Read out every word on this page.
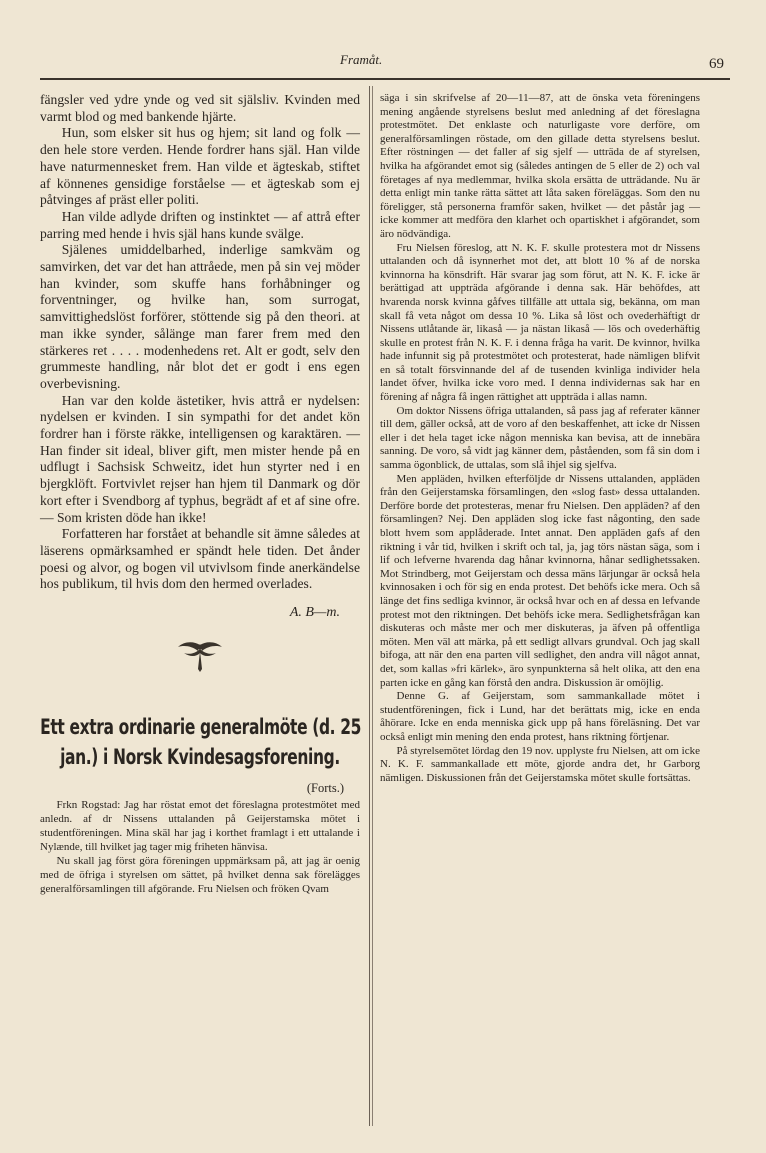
Framåt.	69

fängsler ved ydre ynde og ved sit själsliv. Kvinden med varmt blod og med bankende hjärte.

Hun, som elsker sit hus og hjem; sit land og folk — den hele store verden. Hende fordrer hans själ. Han vilde have naturmennesket frem. Han vilde et ägteskab, stiftet af könnenes gensidige forståelse — et ägteskab som ej påtvinges af präst eller politi.

Han vilde adlyde driften og instinktet — af attrå efter parring med hende i hvis själ hans kunde svälge.

Själenes umiddelbarhed, inderlige samkväm og samvirken, det var det han attråede, men på sin vej möder han kvinder, som skuffe hans forhåbninger og forventninger, og hvilke han, som surrogat, samvittighedslöst forförer, stöttende sig på den theori. at man ikke synder, sålänge man farer frem med den stärkeres ret . . . . modenhedens ret. Alt er godt, selv den grummeste handling, når blot det er godt i ens egen overbevisning.

Han var den kolde ästetiker, hvis attrå er nydelsen: nydelsen er kvinden. I sin sympathi for det andet kön fordrer han i förste räkke, intelligensen og karaktären. — Han finder sit ideal, bliver gift, men mister hende på en udflugt i Sachsisk Schweitz, idet hun styrter ned i en bjergklöft. Fortvivlet rejser han hjem til Danmark og dör kort efter i Svendborg af typhus, begrädt af et af sine ofre. — Som kristen döde han ikke!

Forfatteren har forstået at behandle sit ämne således at läserens opmärksamhed er spändt hele tiden. Det ånder poesi og alvor, og bogen vil utvivlsom finde anerkändelse hos publikum, til hvis dom den hermed overlades.

A. B—m.
Ett extra ordinarie generalmöte (d. 25
jan.) i Norsk Kvindesagsforening.
(Forts.)

Frkn Rogstad: Jag har röstat emot det föreslagna protestmötet med anledn. af dr Nissens uttalanden på Geijerstamska mötet i studentföreningen. Mina skäl har jag i korthet framlagt i ett uttalande i Nylænde, till hvilket jag tager mig friheten hänvisa.

Nu skall jag först göra föreningen uppmärksam på, att jag är oenig med de öfriga i styrelsen om sättet, på hvilket denna sak förelägges generalförsamlingen till afgörande. Fru Nielsen och fröken Qvam

säga i sin skrifvelse af 20—11—87, att de önska veta föreningens mening angående styrelsens beslut med anledning af det föreslagna protestmötet. Det enklaste och naturligaste vore derföre, om generalförsamlingen röstade, om den gillade detta styrelsens beslut. Efter röstningen — det faller af sig sjelf — utträda de af styrelsen, hvilka ha afgörandet emot sig (således antingen de 5 eller de 2) och val företages af nya medlemmar, hvilka skola ersätta de utträdande. Nu är detta enligt min tanke rätta sättet att låta saken föreläggas. Som den nu föreligger, stå personerna framför saken, hvilket — det påstår jag — icke kommer att medföra den klarhet och opartiskhet i afgörandet, som äro nödvändiga.

Fru Nielsen föreslog, att N. K. F. skulle protestera mot dr Nissens uttalanden och då isynnerhet mot det, att blott 10 % af de norska kvinnorna ha könsdrift. Här svarar jag som förut, att N. K. F. icke är berättigad att uppträda afgörande i denna sak. Här behöfdes, att hvarenda norsk kvinna gåfves tillfälle att uttala sig, bekänna, om man skall få veta något om dessa 10 %. Lika så löst och ovederhäftigt dr Nissens utlåtande är, likaså — ja nästan likaså — lös och ovederhäftig skulle en protest från N. K. F. i denna fråga ha varit. De kvinnor, hvilka hade infunnit sig på protestmötet och protesterat, hade nämligen blifvit en så totalt försvinnande del af de tusenden kvinliga individer hela landet öfver, hvilka icke voro med. I denna individernas sak har en förening af några få ingen rättighet att uppträda i allas namn.

Om doktor Nissens öfriga uttalanden, så pass jag af referater känner till dem, gäller också, att de voro af den beskaffenhet, att icke dr Nissen eller i det hela taget icke någon menniska kan bevisa, att de innebära sanning. De voro, så vidt jag känner dem, påståenden, som få sin dom i samma ögonblick, de uttalas, som slå ihjel sig sjelfva.

Men appläden, hvilken efterföljde dr Nissens uttalanden, appläden från den Geijerstamska församlingen, den «slog fast» dessa uttalanden. Derföre borde det protesteras, menar fru Nielsen. Den appläden? af den församlingen? Nej. Den appläden slog icke fast någonting, den sade blott hvem som applåderade. Intet annat. Den appläden gafs af den riktning i vår tid, hvilken i skrift och tal, ja, jag törs nästan säga, som i lif och lefverne hvarenda dag hånar kvinnorna, hånar sedlighetssaken. Mot Strindberg, mot Geijerstam och dessa mäns lärjungar är också hela kvinnosaken i och för sig en enda protest. Det behöfs icke mera. Och så länge det fins sedliga kvinnor, är också hvar och en af dessa en lefvande protest mot den riktningen. Det behöfs icke mera. Sedlighetsfrågan kan diskuteras och måste mer och mer diskuteras, ja äfven på offentliga möten. Men väl att märka, på ett sedligt allvars grundval. Och jag skall bifoga, att när den ena parten vill sedlighet, den andra vill något annat, det, som kallas »fri kärlek», äro synpunkterna så helt olika, att den ena parten icke en gång kan förstå den andra. Diskussion är omöjlig.

Denne G. af Geijerstam, som sammankallade mötet i studentföreningen, fick i Lund, har det berättats mig, icke en enda åhörare. Icke en enda menniska gick upp på hans föreläsning. Det var också enligt min mening den enda protest, hans riktning förtjenar.

På styrelsemötet lördag den 19 nov. upplyste fru Nielsen, att om icke N. K. F. sammankallade ett möte, gjorde andra det, hr Garborg nämligen. Diskussionen från det Geijerstamska mötet skulle fortsättas.
